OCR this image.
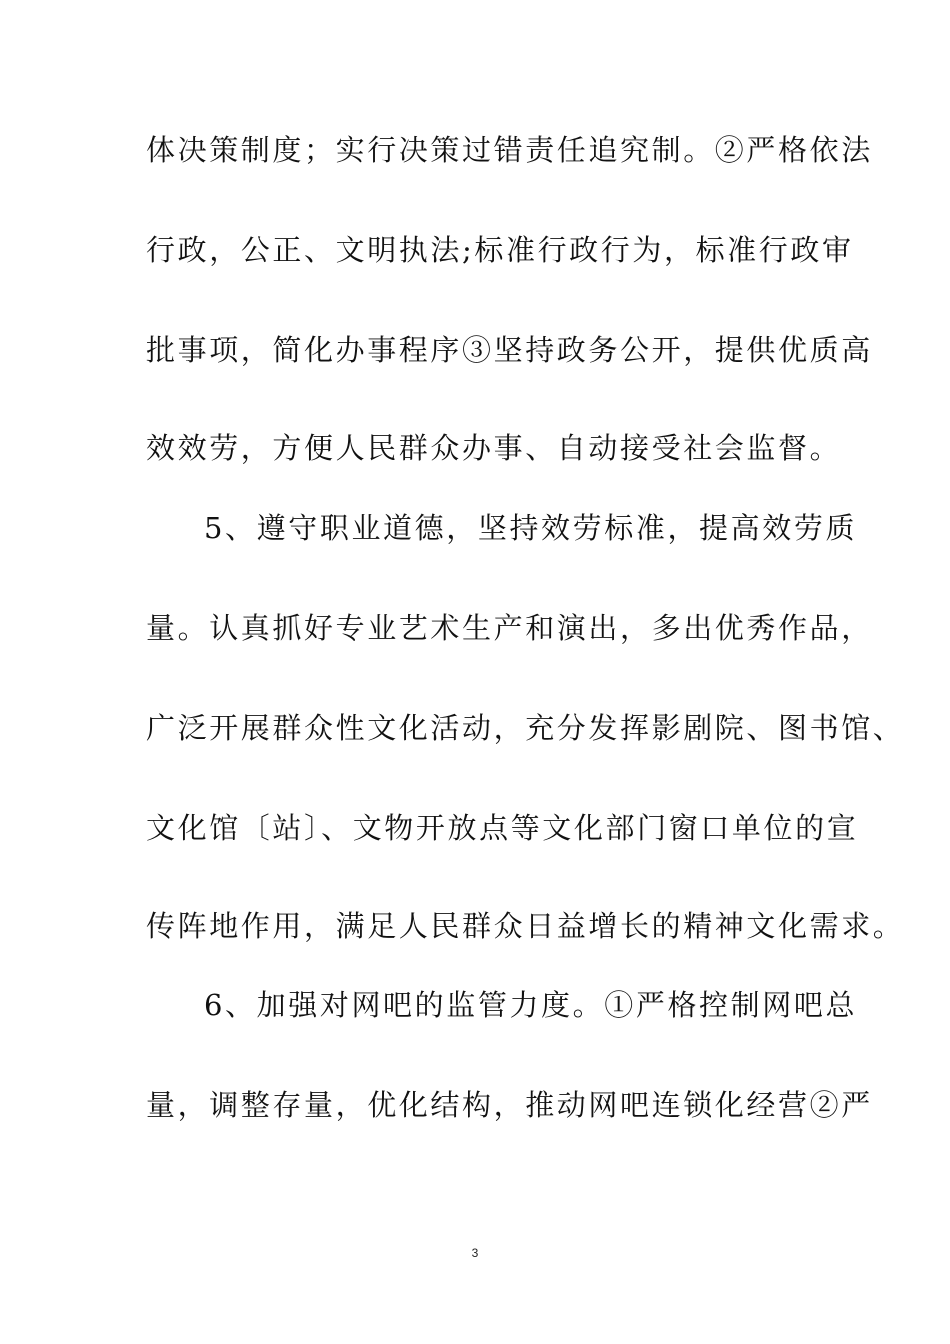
体决策制度；实行决策过错责任追究制。②严格依法
行政，公正、文明执法;标准行政行为，标准行政审
批事项，简化办事程序③坚持政务公开，提供优质高
效效劳，方便人民群众办事、自动接受社会监督。
5、遵守职业道德，坚持效劳标准，提高效劳质
量。认真抓好专业艺术生产和演出，多出优秀作品，
广泛开展群众性文化活动，充分发挥影剧院、图书馆、
文化馆〔站〕、文物开放点等文化部门窗口单位的宣
传阵地作用，满足人民群众日益增长的精神文化需求。
6、加强对网吧的监管力度。①严格控制网吧总
量，调整存量，优化结构，推动网吧连锁化经营②严
3
